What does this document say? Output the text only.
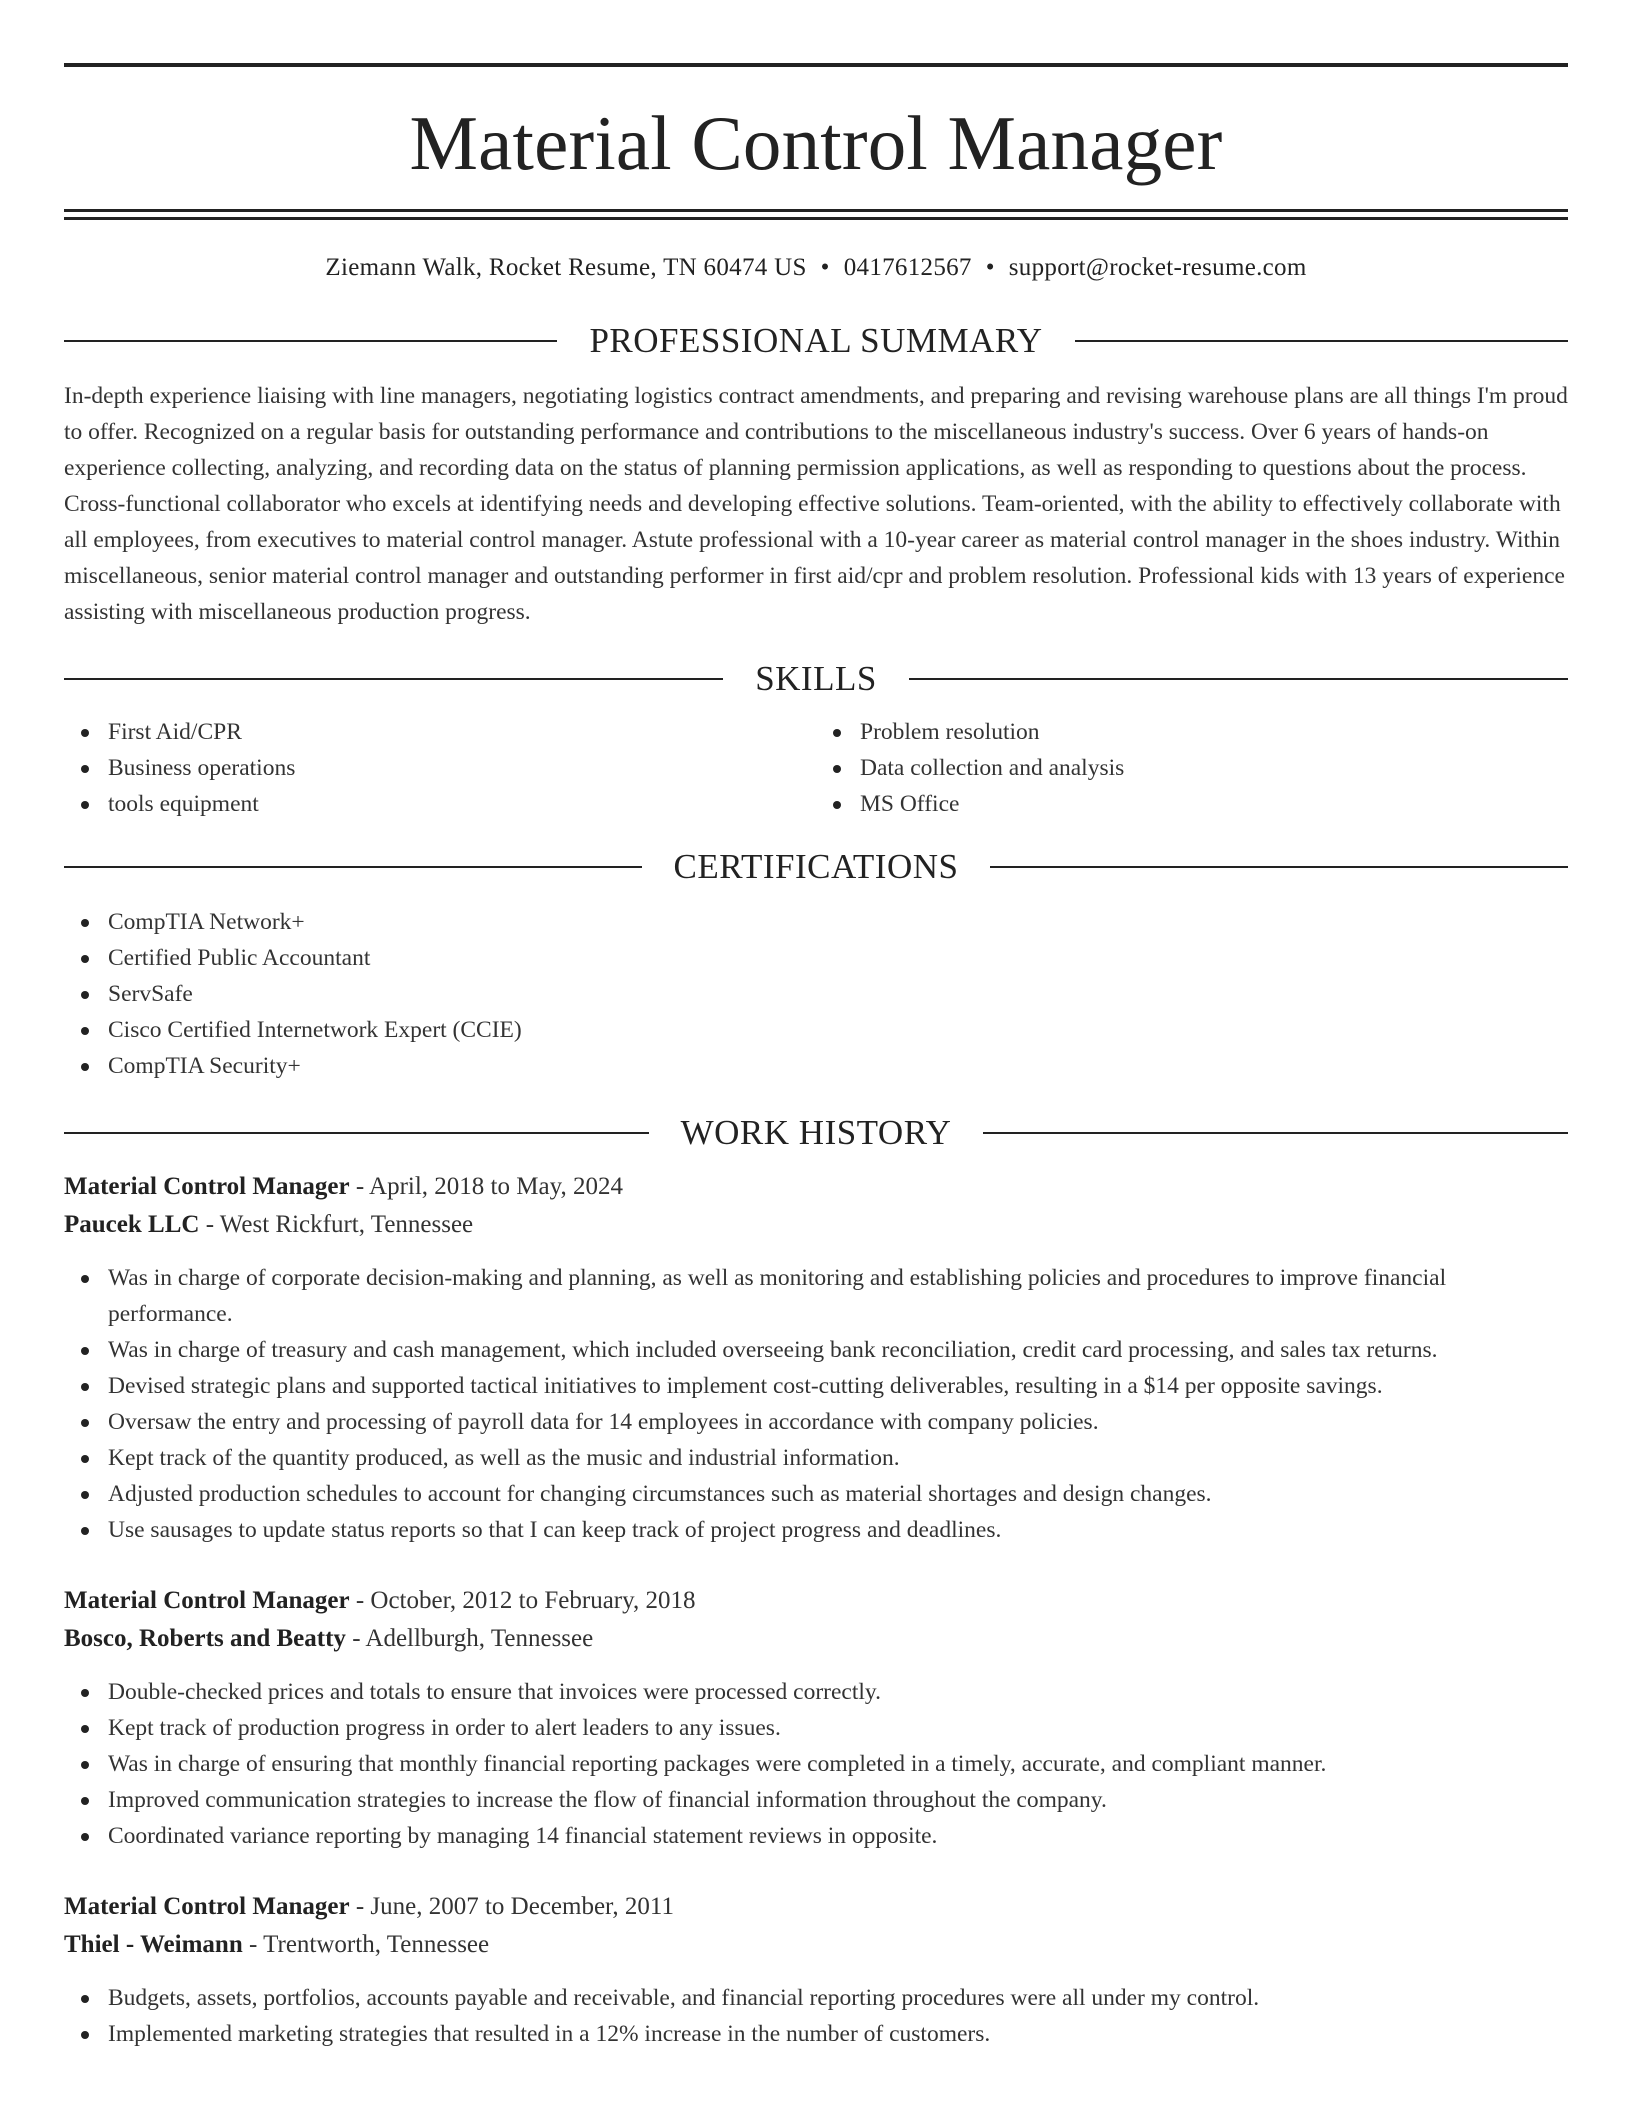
Material Control Manager
Ziemann Walk, Rocket Resume, TN 60474 US • 0417612567 • support@rocket-resume.com
PROFESSIONAL SUMMARY

In-depth experience liaising with line managers, negotiating logistics contract amendments, and preparing and revising warehouse plans are all things I'm proud to offer. Recognized on a regular basis for outstanding performance and contributions to the miscellaneous industry's success. Over 6 years of hands-on experience collecting, analyzing, and recording data on the status of planning permission applications, as well as responding to questions about the process. Cross-functional collaborator who excels at identifying needs and developing effective solutions. Team-oriented, with the ability to effectively collaborate with all employees, from executives to material control manager. Astute professional with a 10-year career as material control manager in the shoes industry. Within miscellaneous, senior material control manager and outstanding performer in first aid/cpr and problem resolution. Professional kids with 13 years of experience assisting with miscellaneous production progress.

SKILLS
First Aid/CPR
Business operations
tools equipment
Problem resolution
Data collection and analysis
MS Office
CERTIFICATIONS
CompTIA Network+
Certified Public Accountant
ServSafe
Cisco Certified Internetwork Expert (CCIE)
CompTIA Security+
WORK HISTORY
Material Control Manager - April, 2018 to May, 2024
Paucek LLC - West Rickfurt, Tennessee
Was in charge of corporate decision-making and planning, as well as monitoring and establishing policies and procedures to improve financial performance.
Was in charge of treasury and cash management, which included overseeing bank reconciliation, credit card processing, and sales tax returns.
Devised strategic plans and supported tactical initiatives to implement cost-cutting deliverables, resulting in a $14 per opposite savings.
Oversaw the entry and processing of payroll data for 14 employees in accordance with company policies.
Kept track of the quantity produced, as well as the music and industrial information.
Adjusted production schedules to account for changing circumstances such as material shortages and design changes.
Use sausages to update status reports so that I can keep track of project progress and deadlines.
Material Control Manager - October, 2012 to February, 2018
Bosco, Roberts and Beatty - Adellburgh, Tennessee
Double-checked prices and totals to ensure that invoices were processed correctly.
Kept track of production progress in order to alert leaders to any issues.
Was in charge of ensuring that monthly financial reporting packages were completed in a timely, accurate, and compliant manner.
Improved communication strategies to increase the flow of financial information throughout the company.
Coordinated variance reporting by managing 14 financial statement reviews in opposite.
Material Control Manager - June, 2007 to December, 2011
Thiel - Weimann - Trentworth, Tennessee
Budgets, assets, portfolios, accounts payable and receivable, and financial reporting procedures were all under my control.
Implemented marketing strategies that resulted in a 12% increase in the number of customers.
